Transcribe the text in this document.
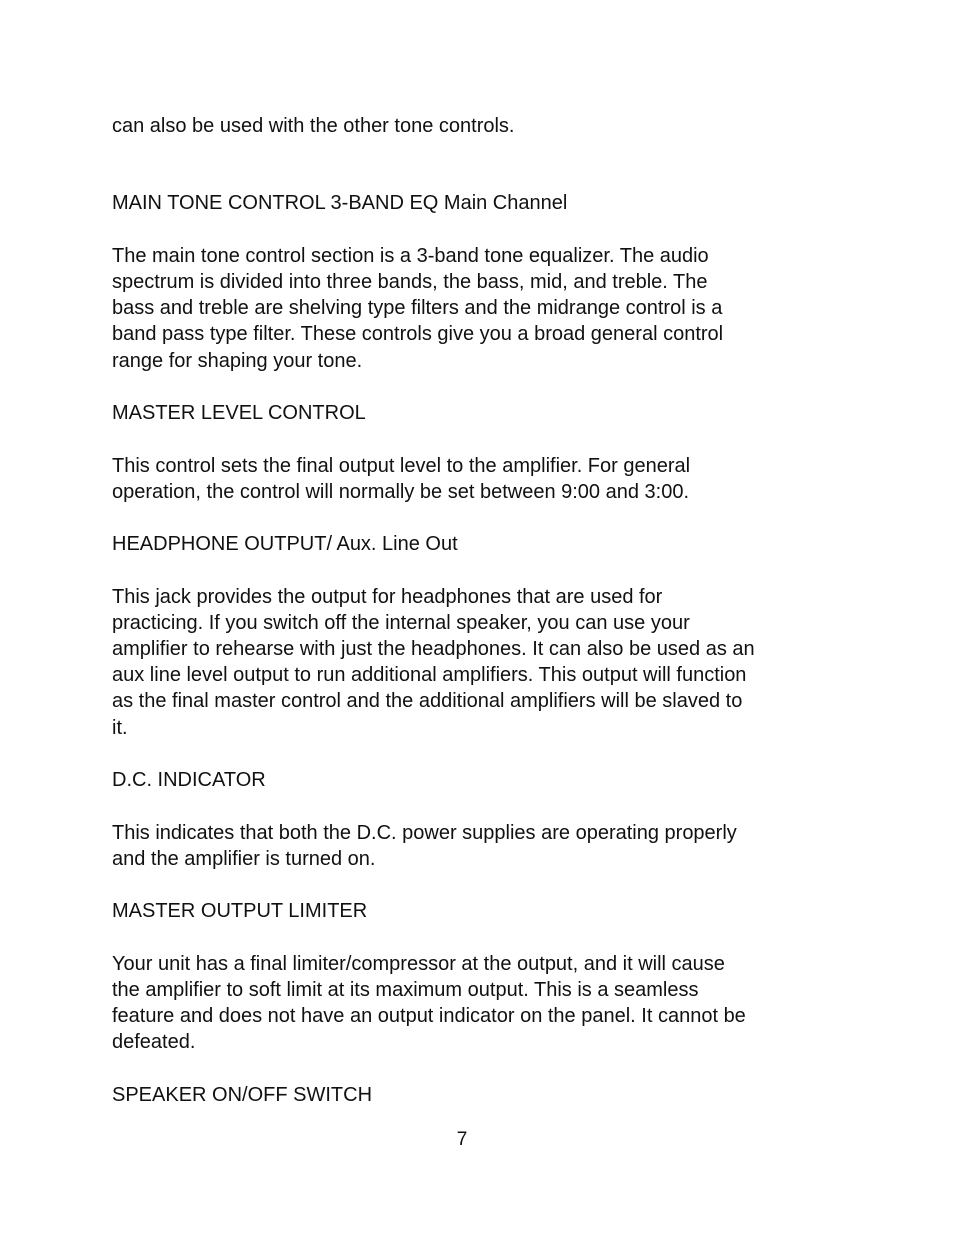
can also be used with the other tone controls.

MAIN TONE CONTROL 3-BAND EQ Main Channel

The main tone control section is a 3-band tone equalizer. The audio

spectrum is divided into three bands, the bass, mid, and treble. The

bass and treble are shelving type filters and the midrange control is a

band pass type filter. These controls give you a broad general control

range for shaping your tone.

MASTER LEVEL CONTROL

This control sets the final output level to the amplifier. For general

operation, the control will normally be set between 9:00 and 3:00.

HEADPHONE OUTPUT/ Aux. Line Out

This jack provides the output for headphones that are used for

practicing. If you switch off the internal speaker, you can use your

amplifier to rehearse with just the headphones. It can also be used as an

aux line level output to run additional amplifiers. This output will function

as the final master control and the additional amplifiers will be slaved to

it.

D.C. INDICATOR

This indicates that both the D.C. power supplies are operating properly

and the amplifier is turned on.

MASTER OUTPUT LIMITER

Your unit has a final limiter/compressor at the output, and it will cause

the amplifier to soft limit at its maximum output. This is a seamless

feature and does not have an output indicator on the panel. It cannot be

defeated.

SPEAKER ON/OFF SWITCH

7
